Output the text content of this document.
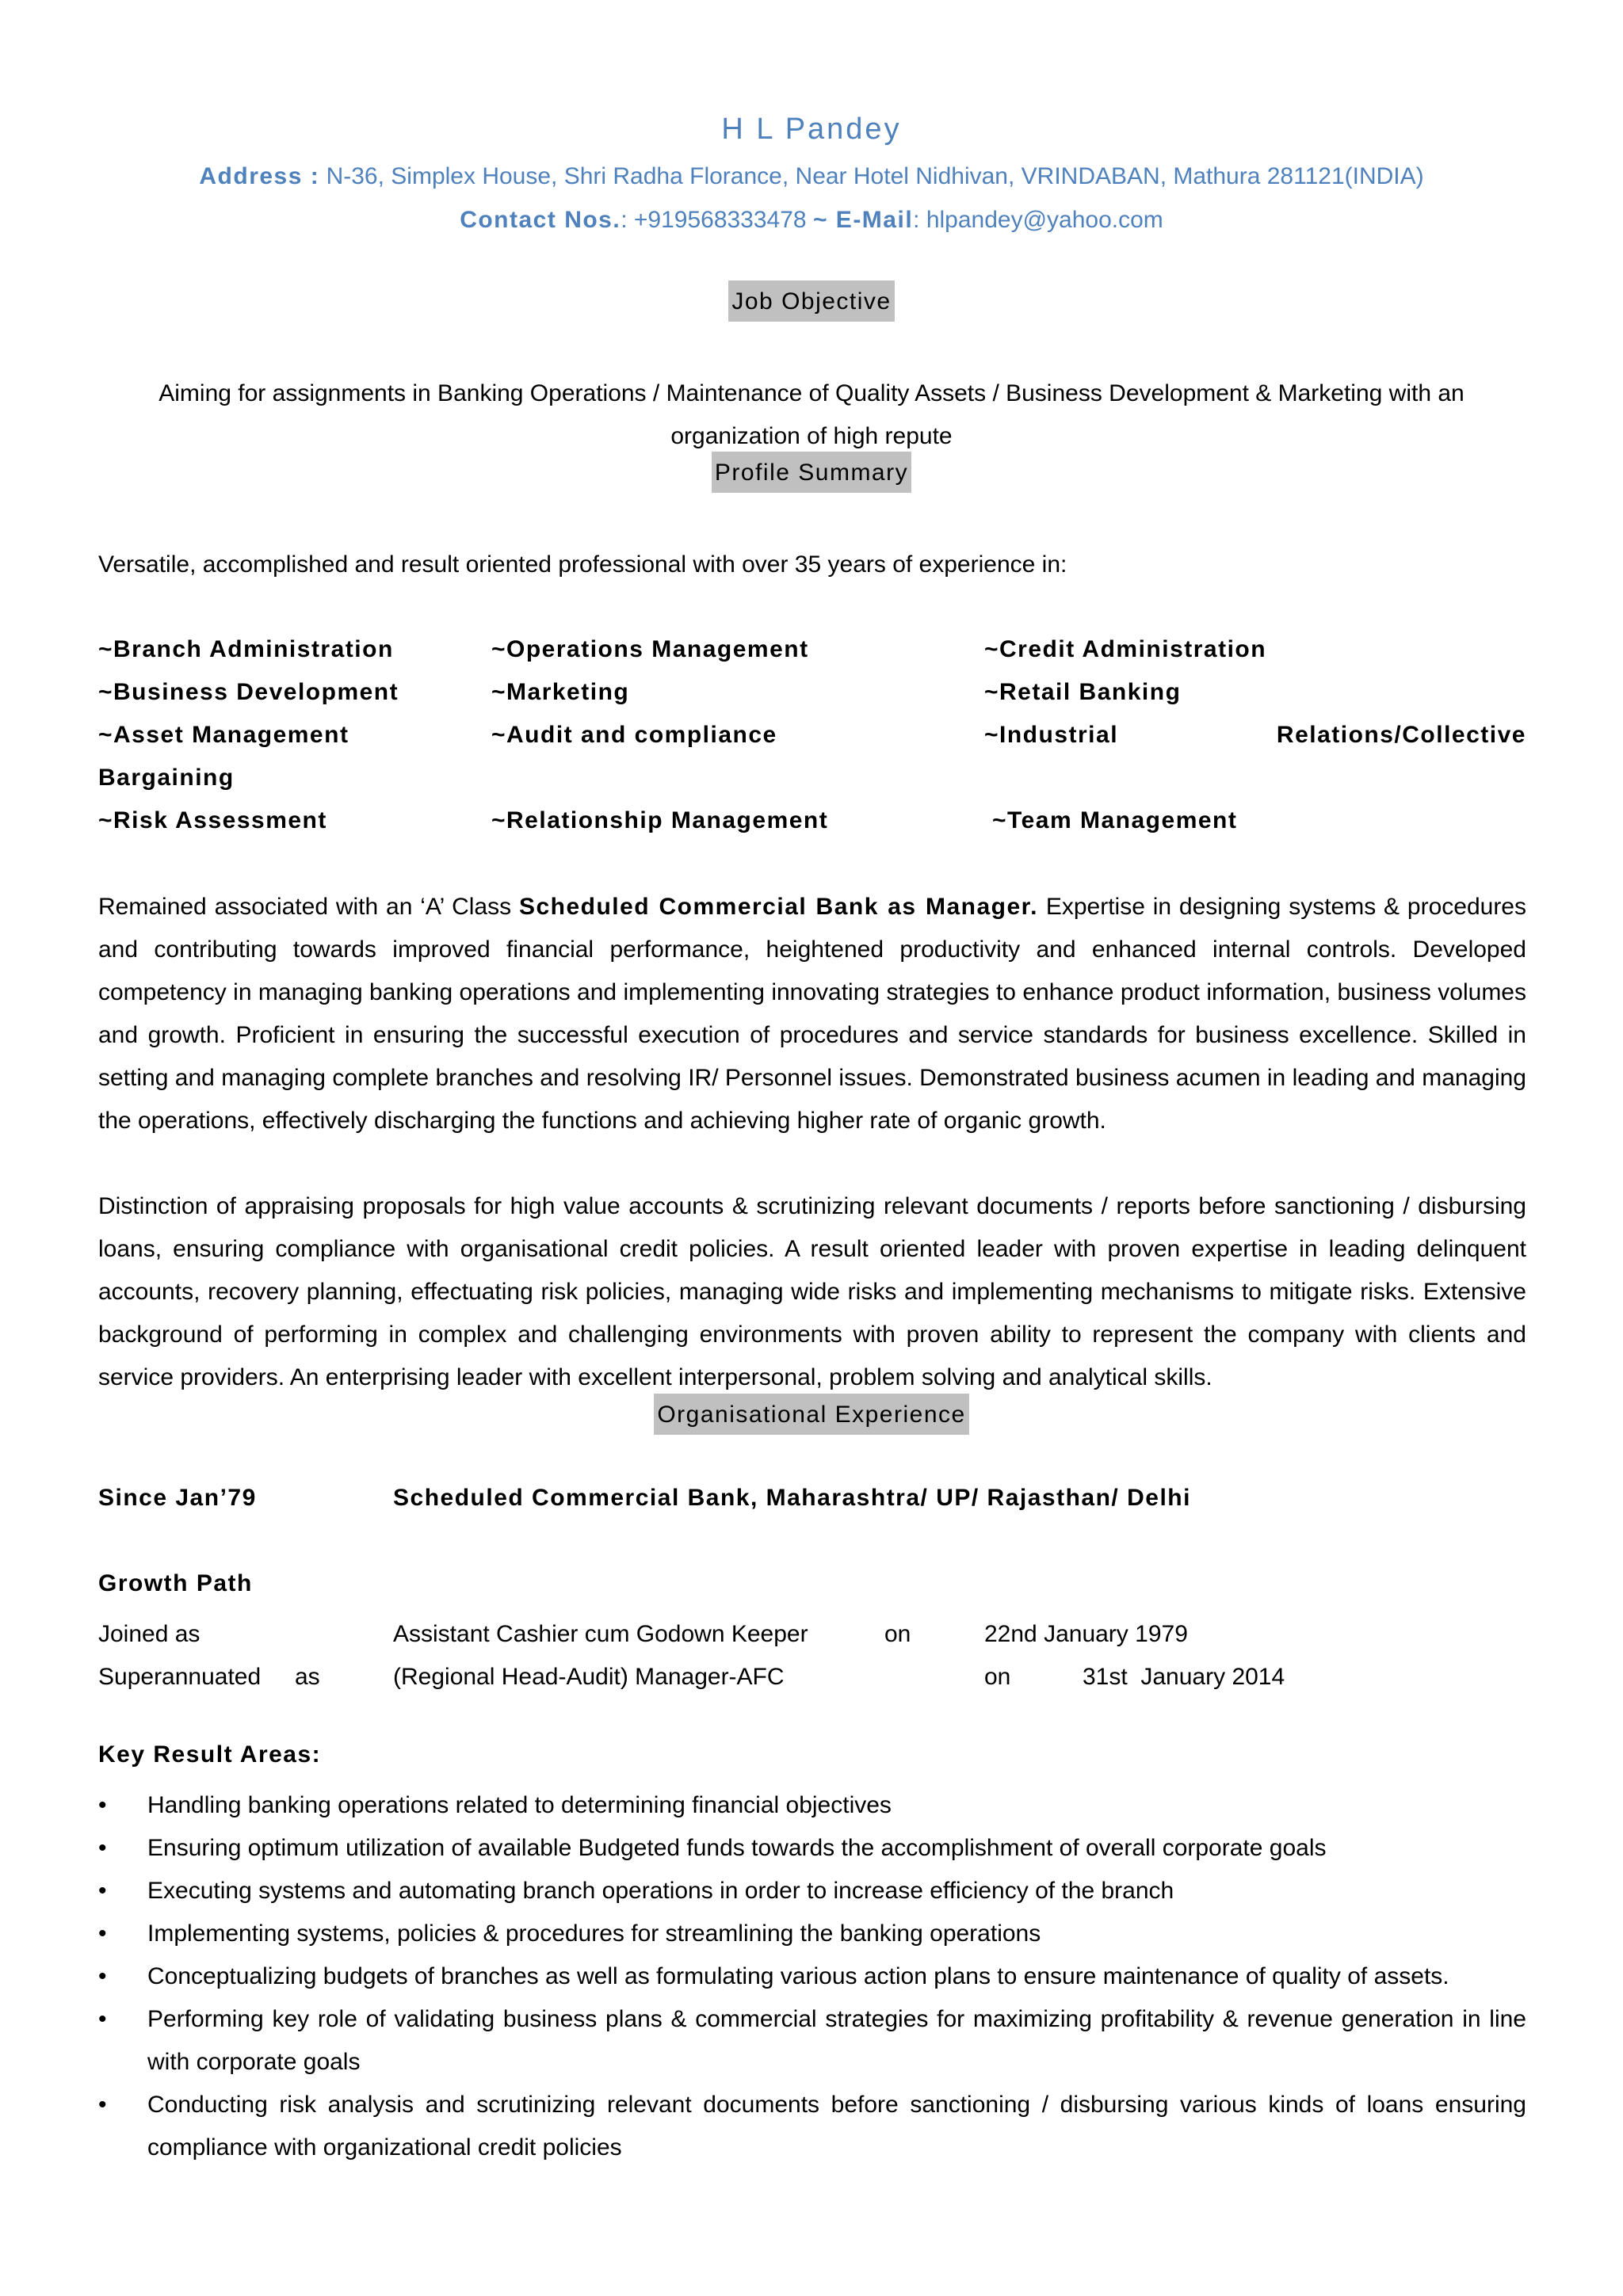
H L Pandey
Address : N-36, Simplex House, Shri Radha Florance, Near Hotel Nidhivan, VRINDABAN, Mathura 281121(INDIA)
Contact Nos.: +919568333478 ~ E-Mail: hlpandey@yahoo.com
Job Objective
Aiming for assignments in Banking Operations / Maintenance of Quality Assets / Business Development & Marketing with an
organization of high repute
Profile Summary
Versatile, accomplished and result oriented professional with over 35 years of experience in:
~Branch Administration	~Operations Management	~Credit Administration
~Business Development	~Marketing	~Retail Banking
~Asset Management	~Audit and compliance	~Industrial	Relations/Collective
Bargaining
~Risk Assessment	~Relationship Management	~Team Management
Remained associated with an ‘A’ Class Scheduled Commercial Bank as Manager. Expertise in designing systems & procedures and contributing towards improved financial performance, heightened productivity and enhanced internal controls. Developed competency in managing banking operations and implementing innovating strategies to enhance product information, business volumes and growth. Proficient in ensuring the successful execution of procedures and service standards for business excellence. Skilled in setting and managing complete branches and resolving IR/ Personnel issues. Demonstrated business acumen in leading and managing the operations, effectively discharging the functions and achieving higher rate of organic growth.
Distinction of appraising proposals for high value accounts & scrutinizing relevant documents / reports before sanctioning / disbursing loans, ensuring compliance with organisational credit policies. A result oriented leader with proven expertise in leading delinquent accounts, recovery planning, effectuating risk policies, managing wide risks and implementing mechanisms to mitigate risks. Extensive background of performing in complex and challenging environments with proven ability to represent the company with clients and service providers. An enterprising leader with excellent interpersonal, problem solving and analytical skills.
Organisational Experience
Since Jan’79	Scheduled Commercial Bank, Maharashtra/ UP/ Rajasthan/ Delhi
Growth Path
Joined as	Assistant Cashier cum Godown Keeper	on	22nd January 1979
Superannuated as	(Regional Head-Audit) Manager-AFC	on	31st  January 2014
Key Result Areas:
• Handling banking operations related to determining financial objectives
• Ensuring optimum utilization of available Budgeted funds towards the accomplishment of overall corporate goals
• Executing systems and automating branch operations in order to increase efficiency of the branch
• Implementing systems, policies & procedures for streamlining the banking operations
• Conceptualizing budgets of branches as well as formulating various action plans to ensure maintenance of quality of assets.
• Performing key role of validating business plans & commercial strategies for maximizing profitability & revenue generation in line with corporate goals
• Conducting risk analysis and scrutinizing relevant documents before sanctioning / disbursing various kinds of loans ensuring compliance with organizational credit policies
